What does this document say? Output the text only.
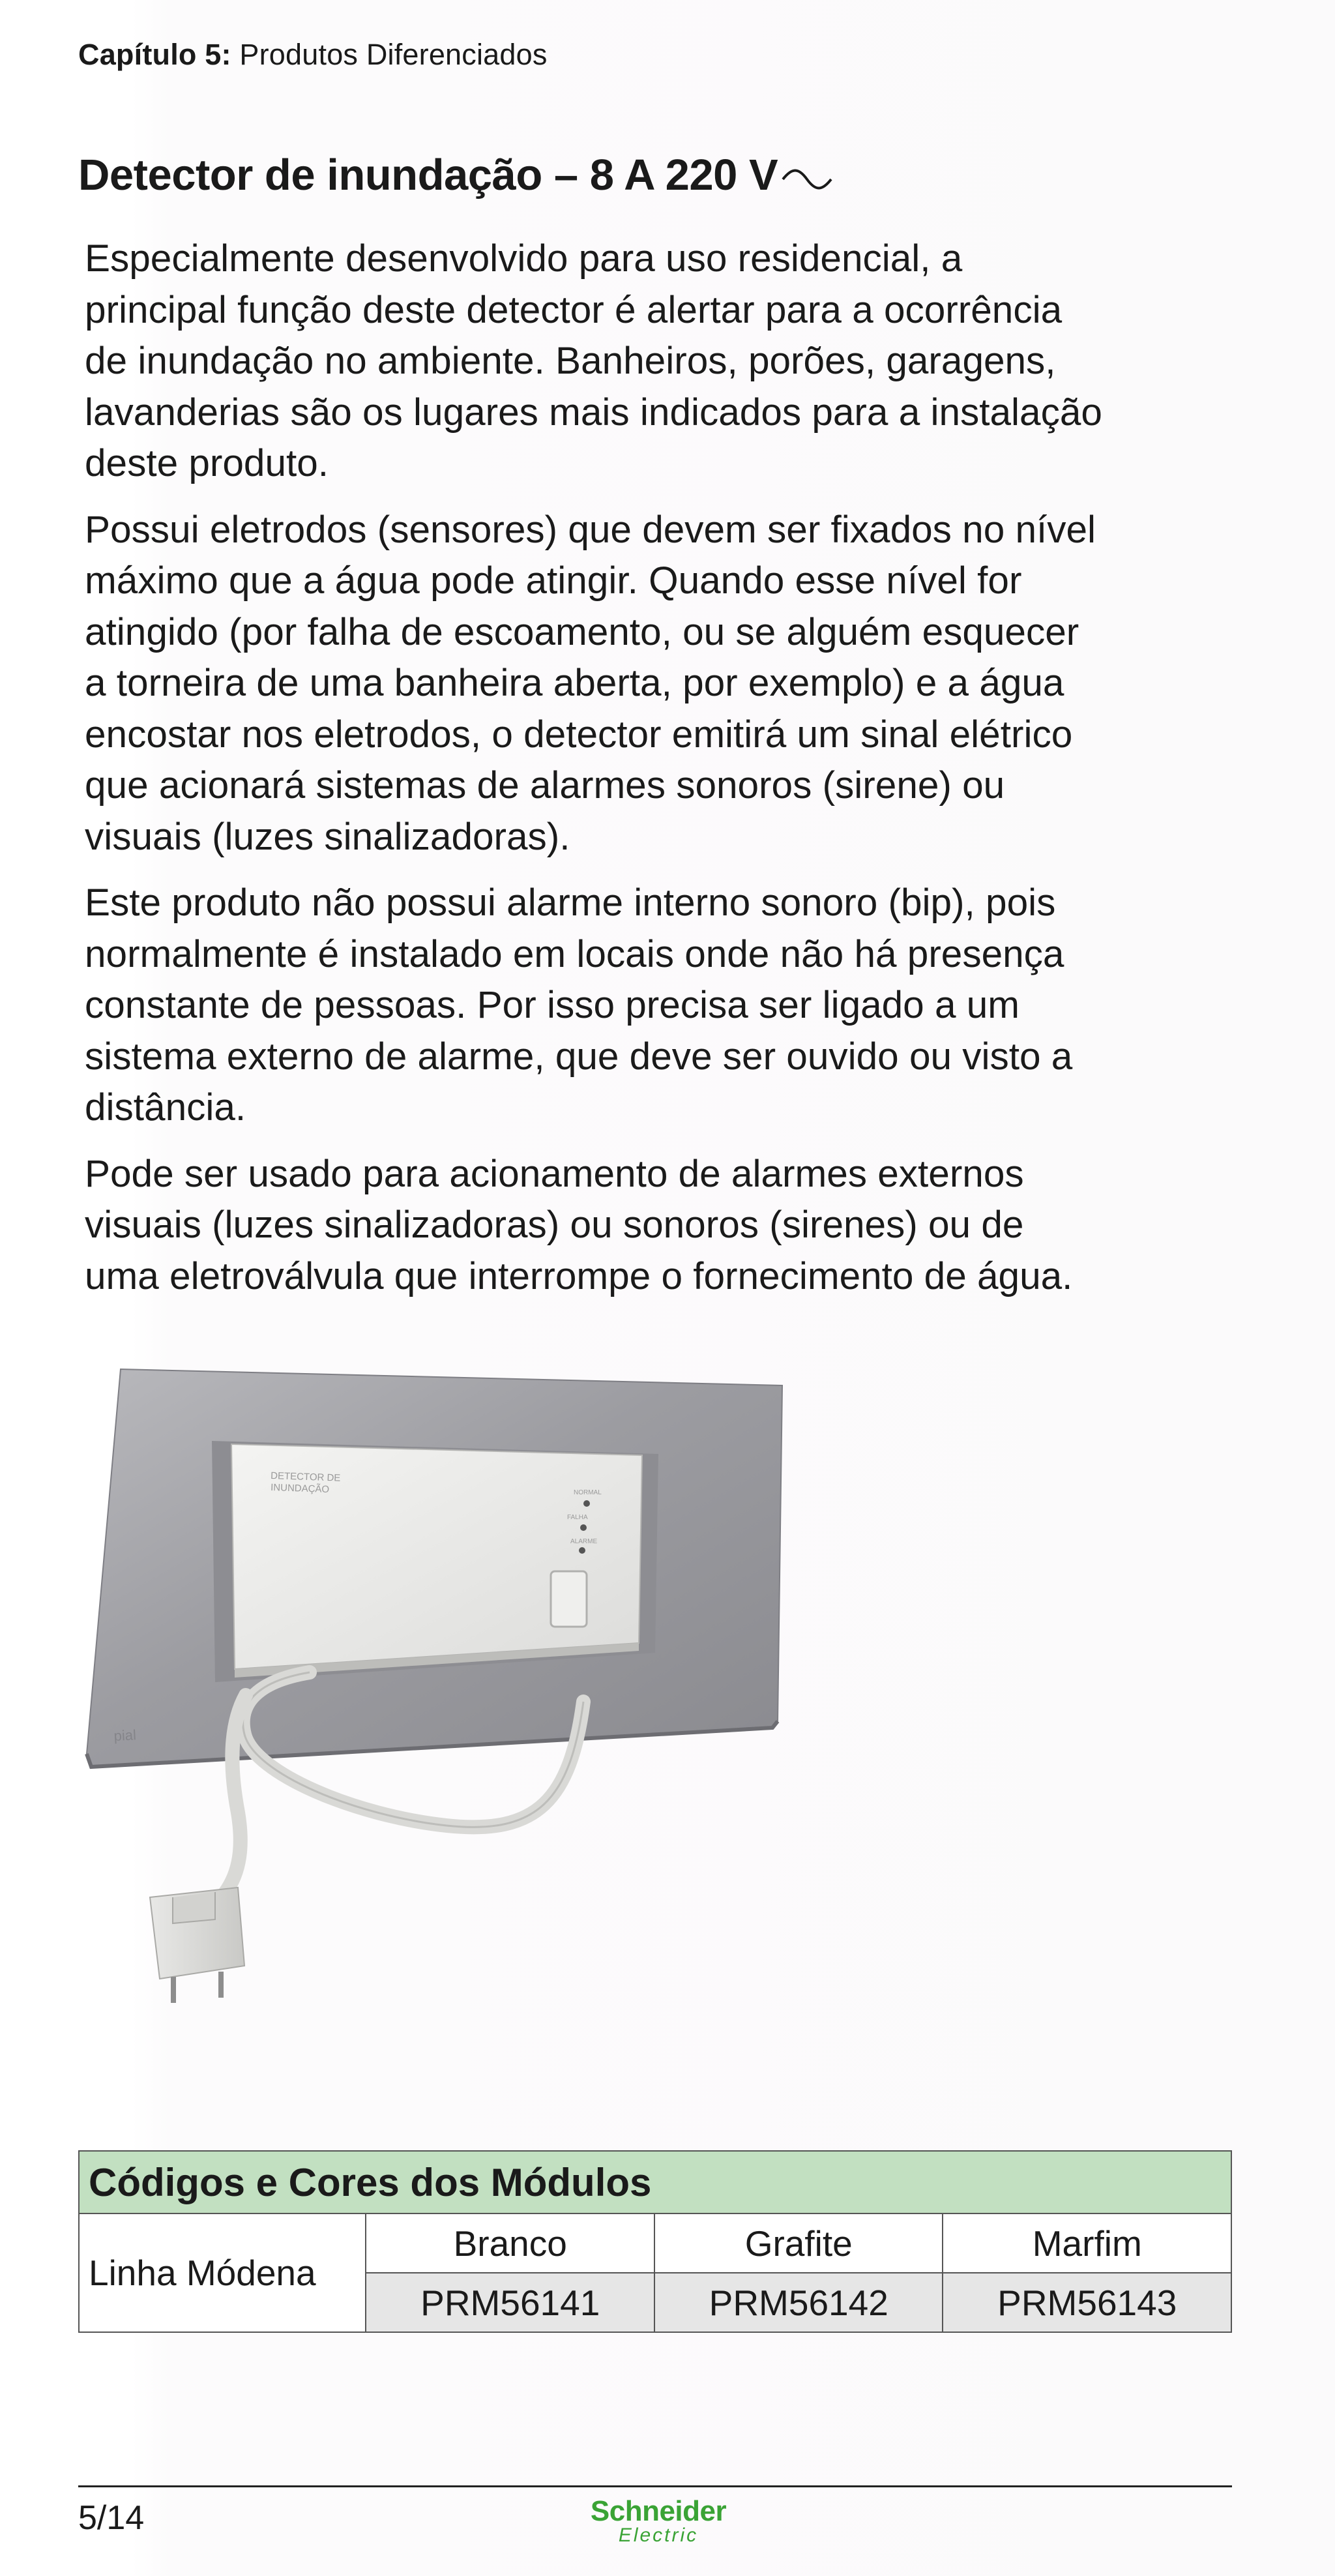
Capítulo 5: Produtos Diferenciados
Detector de inundação – 8 A 220 V

Especialmente desenvolvido para uso residencial, a
principal função deste detector é alertar para a ocorrência
de inundação no ambiente. Banheiros, porões, garagens,
lavanderias são os lugares mais indicados para a instalação
deste produto.

Possui eletrodos (sensores) que devem ser fixados no nível
máximo que a água pode atingir. Quando esse nível for
atingido (por falha de escoamento, ou se alguém esquecer
a torneira de uma banheira aberta, por exemplo) e a água
encostar nos eletrodos, o detector emitirá um sinal elétrico
que acionará sistemas de alarmes sonoros (sirene) ou
visuais (luzes sinalizadoras).

Este produto não possui alarme interno sonoro (bip), pois
normalmente é instalado em locais onde não há presença
constante de pessoas. Por isso precisa ser ligado a um
sistema externo de alarme, que deve ser ouvido ou visto a
distância.

Pode ser usado para acionamento de alarmes externos
visuais (luzes sinalizadoras) ou sonoros (sirenes) ou de
uma eletroválvula que interrompe o fornecimento de água.

DETECTOR DE
INUNDAÇÃO	NORMAL
FALHA
ALARME
pial
Códigos e Cores dos Módulos			
Linha Módena	Branco	Grafite	Marfim
	PRM56141	PRM56142	PRM56143
5/14	Schneider
Electric
